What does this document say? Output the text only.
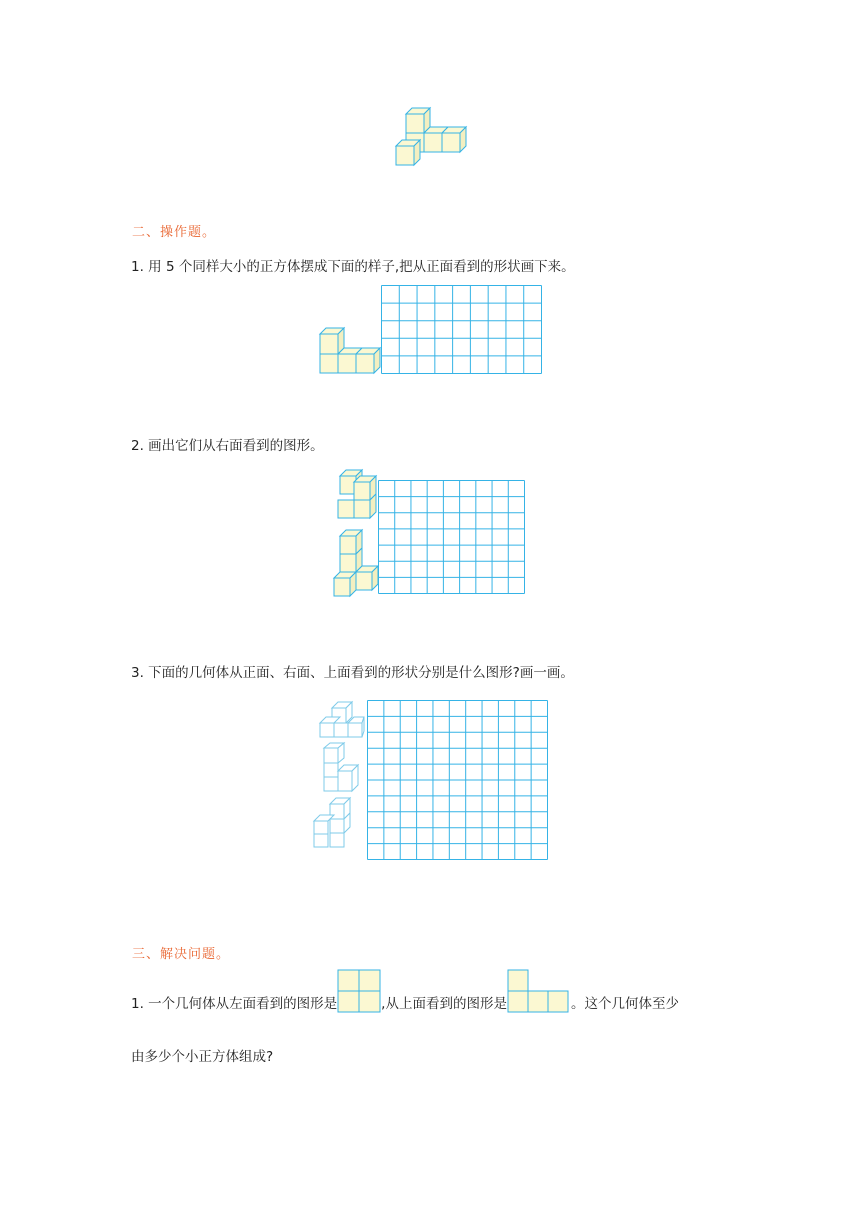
二、操作题。
1. 用 5 个同样大小的正方体摆成下面的样子,把从正面看到的形状画下来。
2. 画出它们从右面看到的图形。
3. 下面的几何体从正面、右面、上面看到的形状分别是什么图形?画一画。
三、解决问题。
1. 一个几何体从左面看到的图形是	,从上面看到的图形是	。这个几何体至少
由多少个小正方体组成?
